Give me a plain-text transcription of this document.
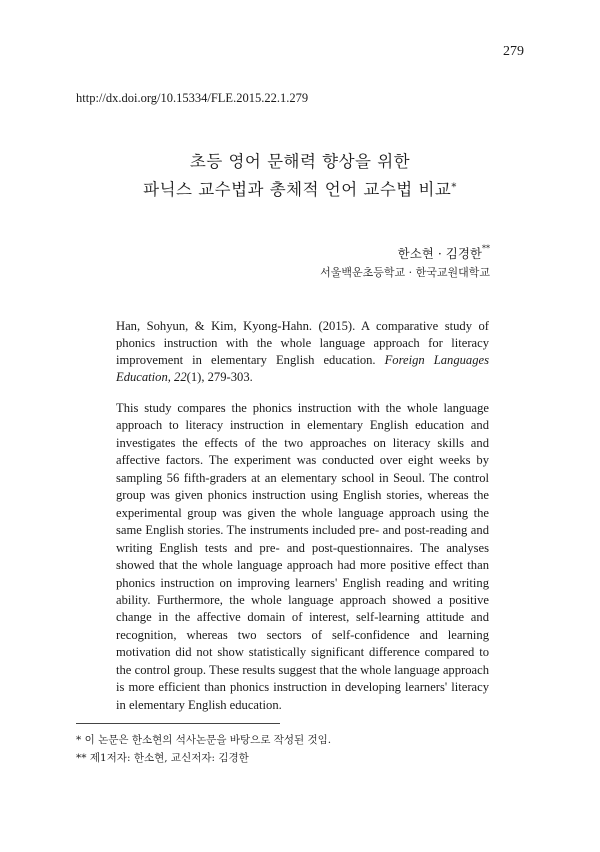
279
http://dx.doi.org/10.15334/FLE.2015.22.1.279
초등 영어 문해력 향상을 위한
파닉스 교수법과 총체적 언어 교수법 비교*
한소현 · 김경한**
서울백운초등학교 · 한국교원대학교
Han, Sohyun, & Kim, Kyong-Hahn. (2015). A comparative study of phonics instruction with the whole language approach for literacy improvement in elementary English education. Foreign Languages Education, 22(1), 279-303.
This study compares the phonics instruction with the whole language approach to literacy instruction in elementary English education and investigates the effects of the two approaches on literacy skills and affective factors. The experiment was conducted over eight weeks by sampling 56 fifth-graders at an elementary school in Seoul. The control group was given phonics instruction using English stories, whereas the experimental group was given the whole language approach using the same English stories. The instruments included pre- and post-reading and writing English tests and pre- and post-questionnaires. The analyses showed that the whole language approach had more positive effect than phonics instruction on improving learners' English reading and writing ability. Furthermore, the whole language approach showed a positive change in the affective domain of interest, self-learning attitude and recognition, whereas two sectors of self-confidence and learning motivation did not show statistically significant difference compared to the control group. These results suggest that the whole language approach is more efficient than phonics instruction in developing learners' literacy in elementary English education.
* 이 논문은 한소현의 석사논문을 바탕으로 작성된 것임.
** 제1저자: 한소현, 교신저자: 김경한
